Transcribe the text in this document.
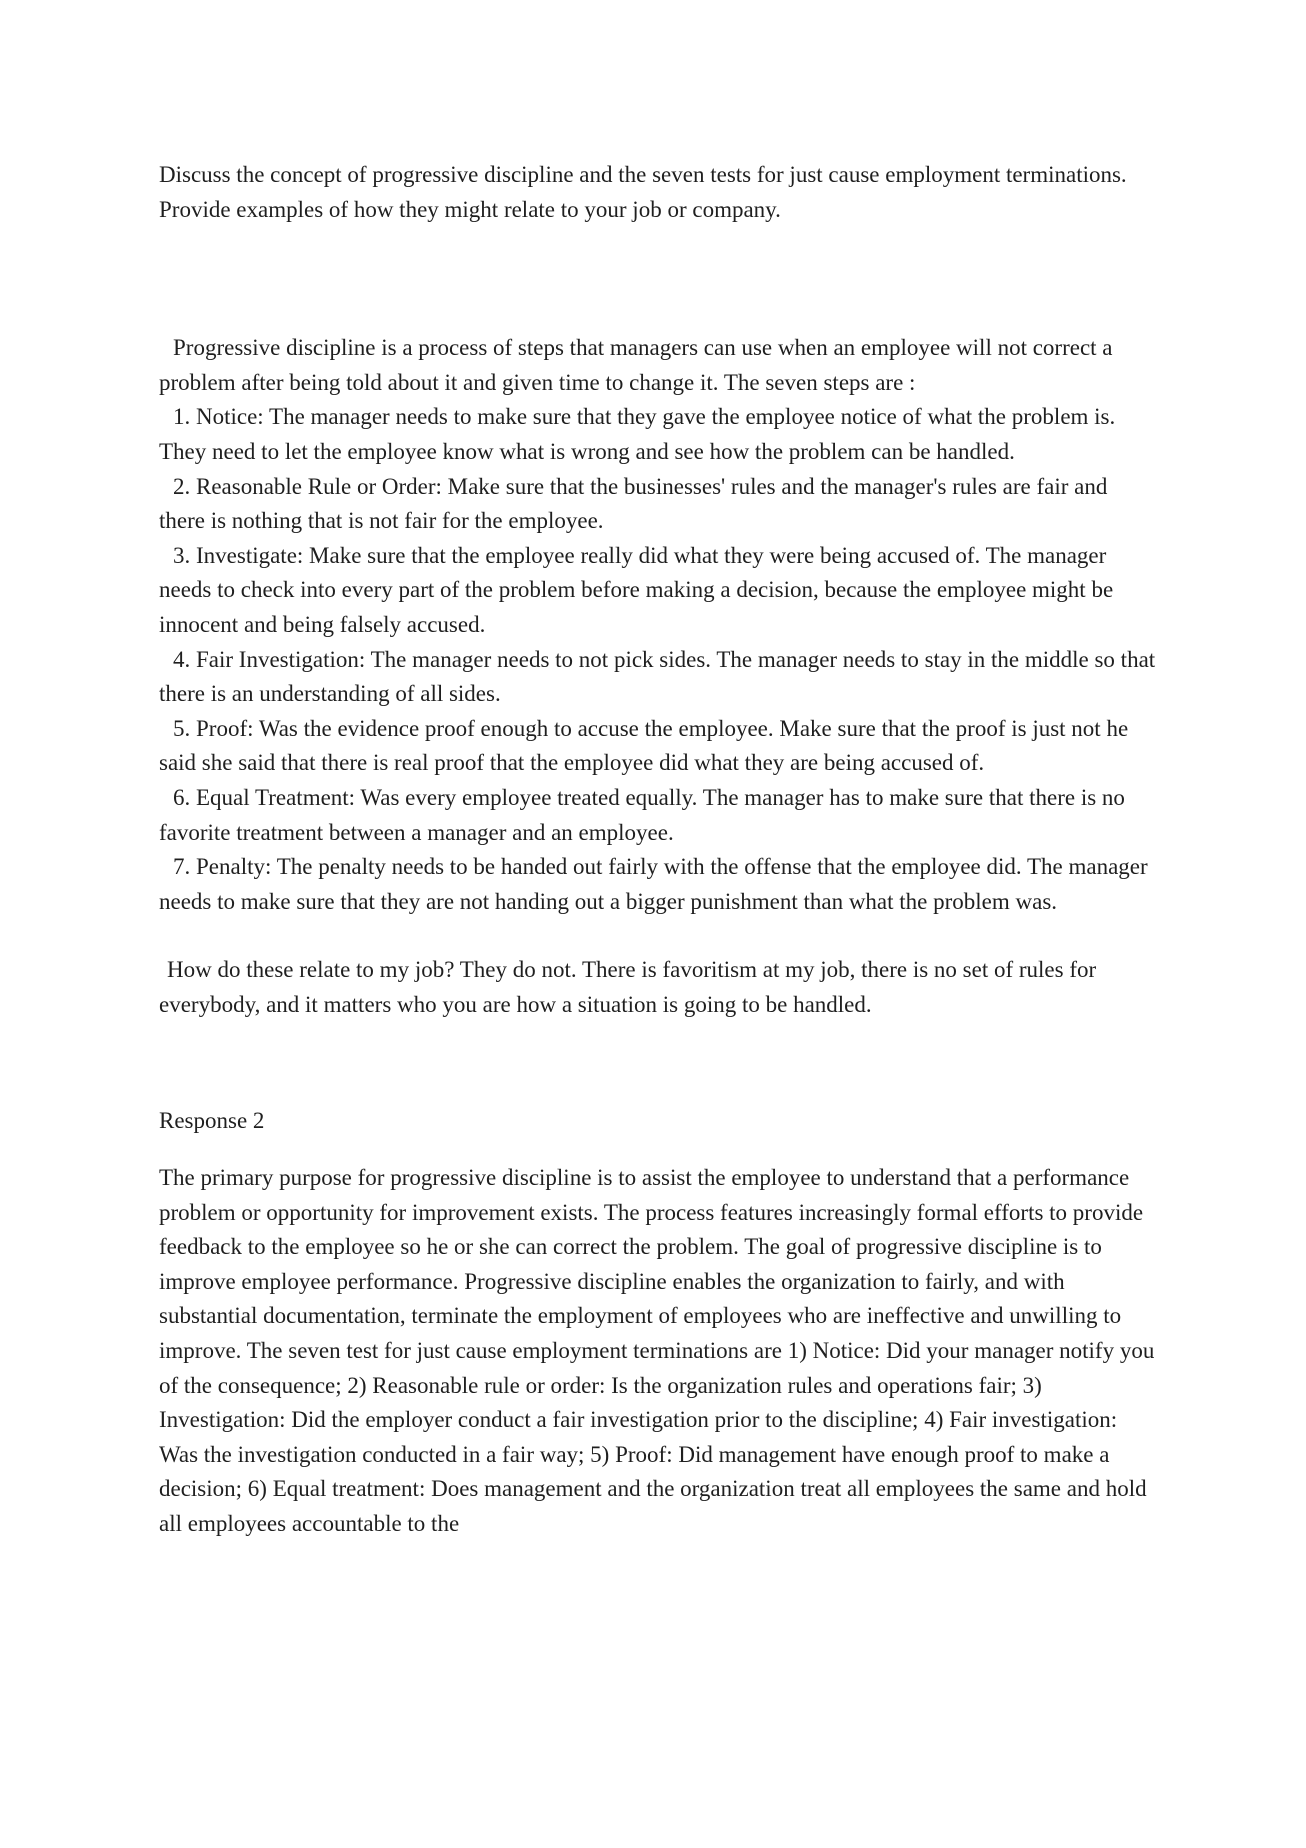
Discuss the concept of progressive discipline and the seven tests for just cause employment terminations. Provide examples of how they might relate to your job or company.

Progressive discipline is a process of steps that managers can use when an employee will not correct a problem after being told about it and given time to change it. The seven steps are :

1. Notice: The manager needs to make sure that they gave the employee notice of what the problem is. They need to let the employee know what is wrong and see how the problem can be handled.

2. Reasonable Rule or Order: Make sure that the businesses' rules and the manager's rules are fair and there is nothing that is not fair for the employee.

3. Investigate: Make sure that the employee really did what they were being accused of. The manager needs to check into every part of the problem before making a decision, because the employee might be innocent and being falsely accused.

4. Fair Investigation: The manager needs to not pick sides. The manager needs to stay in the middle so that there is an understanding of all sides.

5. Proof: Was the evidence proof enough to accuse the employee. Make sure that the proof is just not he said she said that there is real proof that the employee did what they are being accused of.

6. Equal Treatment: Was every employee treated equally. The manager has to make sure that there is no favorite treatment between a manager and an employee.

7. Penalty: The penalty needs to be handed out fairly with the offense that the employee did. The manager needs to make sure that they are not handing out a bigger punishment than what the problem was.

How do these relate to my job? They do not. There is favoritism at my job, there is no set of rules for everybody, and it matters who you are how a situation is going to be handled.

Response 2

The primary purpose for progressive discipline is to assist the employee to understand that a performance problem or opportunity for improvement exists. The process features increasingly formal efforts to provide feedback to the employee so he or she can correct the problem. The goal of progressive discipline is to improve employee performance. Progressive discipline enables the organization to fairly, and with substantial documentation, terminate the employment of employees who are ineffective and unwilling to improve. The seven test for just cause employment terminations are 1) Notice: Did your manager notify you of the consequence; 2) Reasonable rule or order: Is the organization rules and operations fair; 3) Investigation: Did the employer conduct a fair investigation prior to the discipline; 4) Fair investigation: Was the investigation conducted in a fair way; 5) Proof: Did management have enough proof to make a decision; 6) Equal treatment: Does management and the organization treat all employees the same and hold all employees accountable to the
